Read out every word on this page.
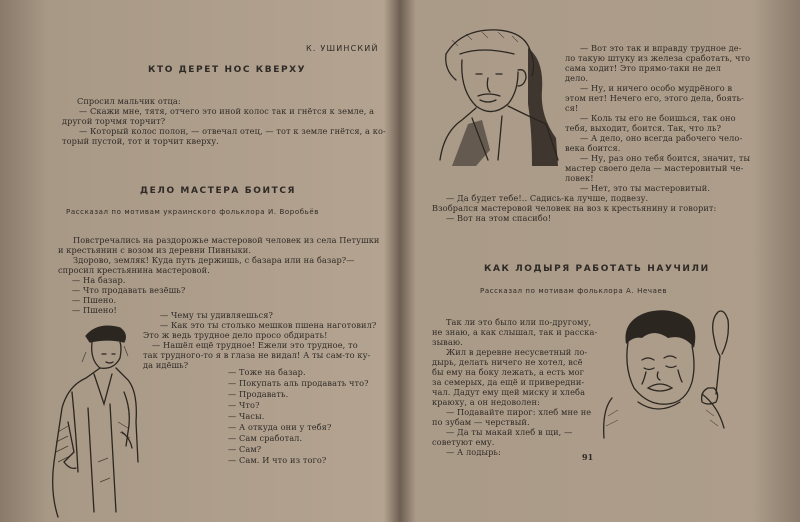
К. УШИНСКИЙ
КТО ДЕРЕТ НОС КВЕРХУ
Спросил мальчик отца:
— Скажи мне, тятя, отчего это иной колос так и гнётся к земле, а
другой торчмя торчит?
— Который колос полон, — отвечал отец, — тот к земле гнётся, а ко-
торый пустой, тот и торчит кверху.
ДЕЛО МАСТЕРА БОИТСЯ
Рассказал по мотивам украинского фольклора И. Воробьёв
Повстречались на раздорожье мастеровой человек из села Петушки
и крестьянин с возом из деревни Пивныки.
Здорово, земляк! Куда путь держишь, с базара или на базар?—
спросил крестьянина мастеровой.
— На базар.
— Что продавать везёшь?
— Пшено.
— Пшено!	— Чему ты удивляешься?
— Как это ты столько мешков пшена наготовил?
Это ж ведь трудное дело просо обдирать!
— Нашёл ещё трудное! Ежели это трудное, то
так трудного-то я в глаза не видал! А ты сам-то ку-
да идёшь?
— Тоже на базар.
— Покупать аль продавать что?
— Продавать.
— Что?
— Часы.
— А откуда они у тебя?
— Сам сработал.
— Сам?
— Сам. И что из того?
— Вот это так и вправду трудное де-
ло такую штуку из железа сработать, что
сама ходит! Это прямо-таки не дел
дело.
— Ну, и ничего особо мудрёного в
этом нет! Нечего его, этого дела, боять-
ся!
— Коль ты его не боишься, так оно
тебя, выходит, боится. Так, что ль?
— А дело, оно всегда рабочего чело-
века боится.
— Ну, раз оно тебя боится, значит, ты
мастер своего дела — мастеровитый че-
ловек!
— Нет, это ты мастеровитый.
— Да будет тебе!.. Садись-ка лучше, подвезу.
Взобрался мастеровой человек на воз к крестьянину и говорит:
— Вот на этом спасибо!
КАК ЛОДЫРЯ РАБОТАТЬ НАУЧИЛИ
Рассказал по мотивам фольклора А. Нечаев
Так ли это было или по-другому,
не знаю, а как слышал, так и расска-
зываю.
Жил в деревне несусветный ло-
дырь, делать ничего не хотел, всё
бы ему на боку лежать, а есть мог
за семерых, да ещё и привередни-
чал. Дадут ему щей миску и хлеба
краюху, а он недоволен:
— Подавайте пирог: хлеб мне не
по зубам — черствый.
— Да ты макай хлеб в щи, —
советуют ему.
— А лодырь:	91
